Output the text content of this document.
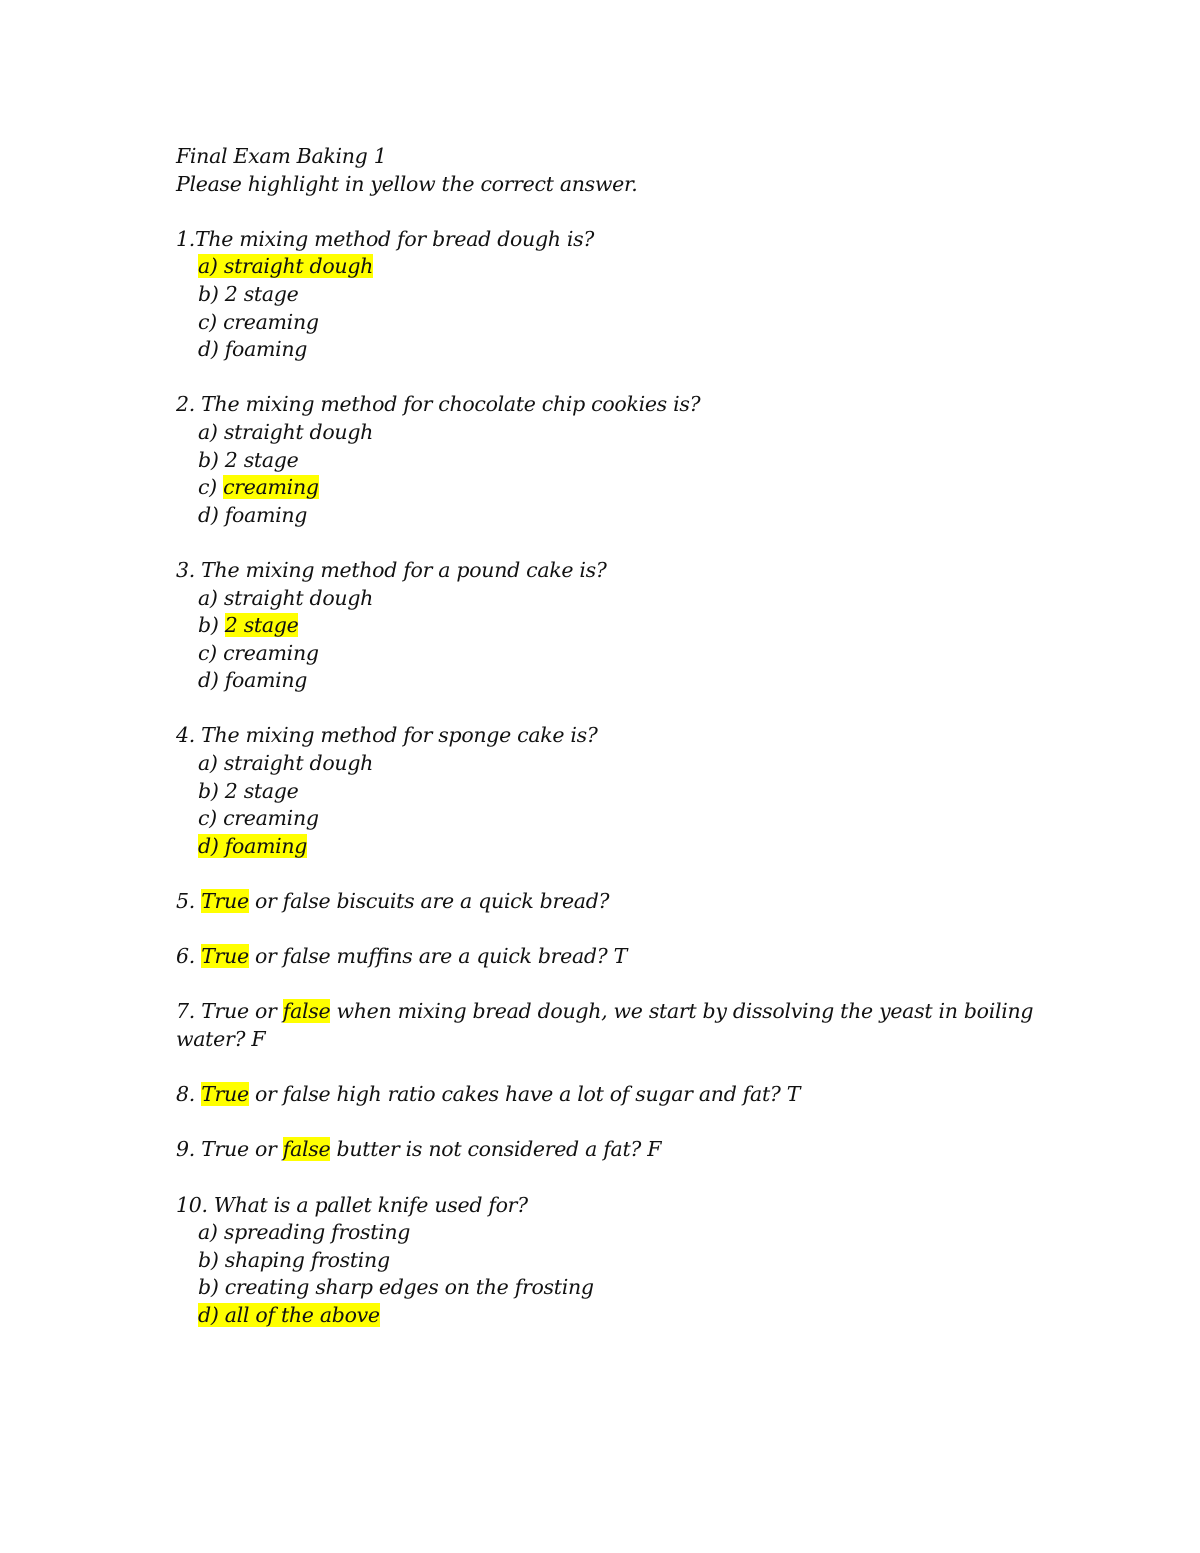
Final Exam Baking 1
Please highlight in yellow the correct answer.
1.The mixing method for bread dough is?
a) straight dough
b) 2 stage
c) creaming
d) foaming
2. The mixing method for chocolate chip cookies is?
a) straight dough
b) 2 stage
c) creaming
d) foaming
3. The mixing method for a pound cake is?
a) straight dough
b) 2 stage
c) creaming
d) foaming
4. The mixing method for sponge cake is?
a) straight dough
b) 2 stage
c) creaming
d) foaming
5. True or false biscuits are a quick bread?
6. True or false muffins are a quick bread? T
7. True or false when mixing bread dough, we start by dissolving the yeast in boiling water? F
8. True or false high ratio cakes have a lot of sugar and fat? T
9. True or false butter is not considered a fat? F
10. What is a pallet knife used for?
a) spreading frosting
b) shaping frosting
b) creating sharp edges on the frosting
d) all of the above
